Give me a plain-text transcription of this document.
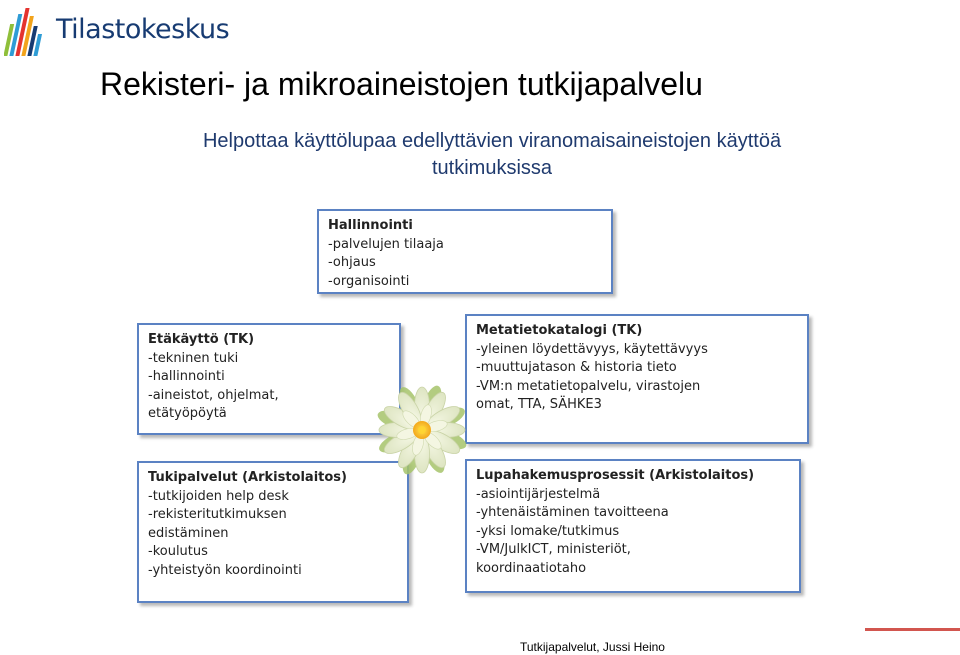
Tilastokeskus
Rekisteri- ja mikroaineistojen tutkijapalvelu
Helpottaa käyttölupaa edellyttävien viranomaisaineistojen käyttöä
tutkimuksissa
Hallinnointi
-palvelujen tilaaja
-ohjaus
-organisointi
Etäkäyttö (TK)
-tekninen tuki
-hallinnointi
-aineistot, ohjelmat,
etätyöpöytä
Metatietokatalogi (TK)
-yleinen löydettävyys, käytettävyys
-muuttujatason & historia tieto
-VM:n metatietopalvelu, virastojen
omat, TTA, SÄHKE3
Tukipalvelut (Arkistolaitos)
-tutkijoiden help desk
-rekisteritutkimuksen
edistäminen
-koulutus
-yhteistyön koordinointi
Lupahakemusprosessit (Arkistolaitos)
-asiointijärjestelmä
-yhtenäistäminen tavoitteena
-yksi lomake/tutkimus
-VM/JulkICT, ministeriöt,
koordinaatiotaho
Tutkijapalvelut, Jussi Heino
